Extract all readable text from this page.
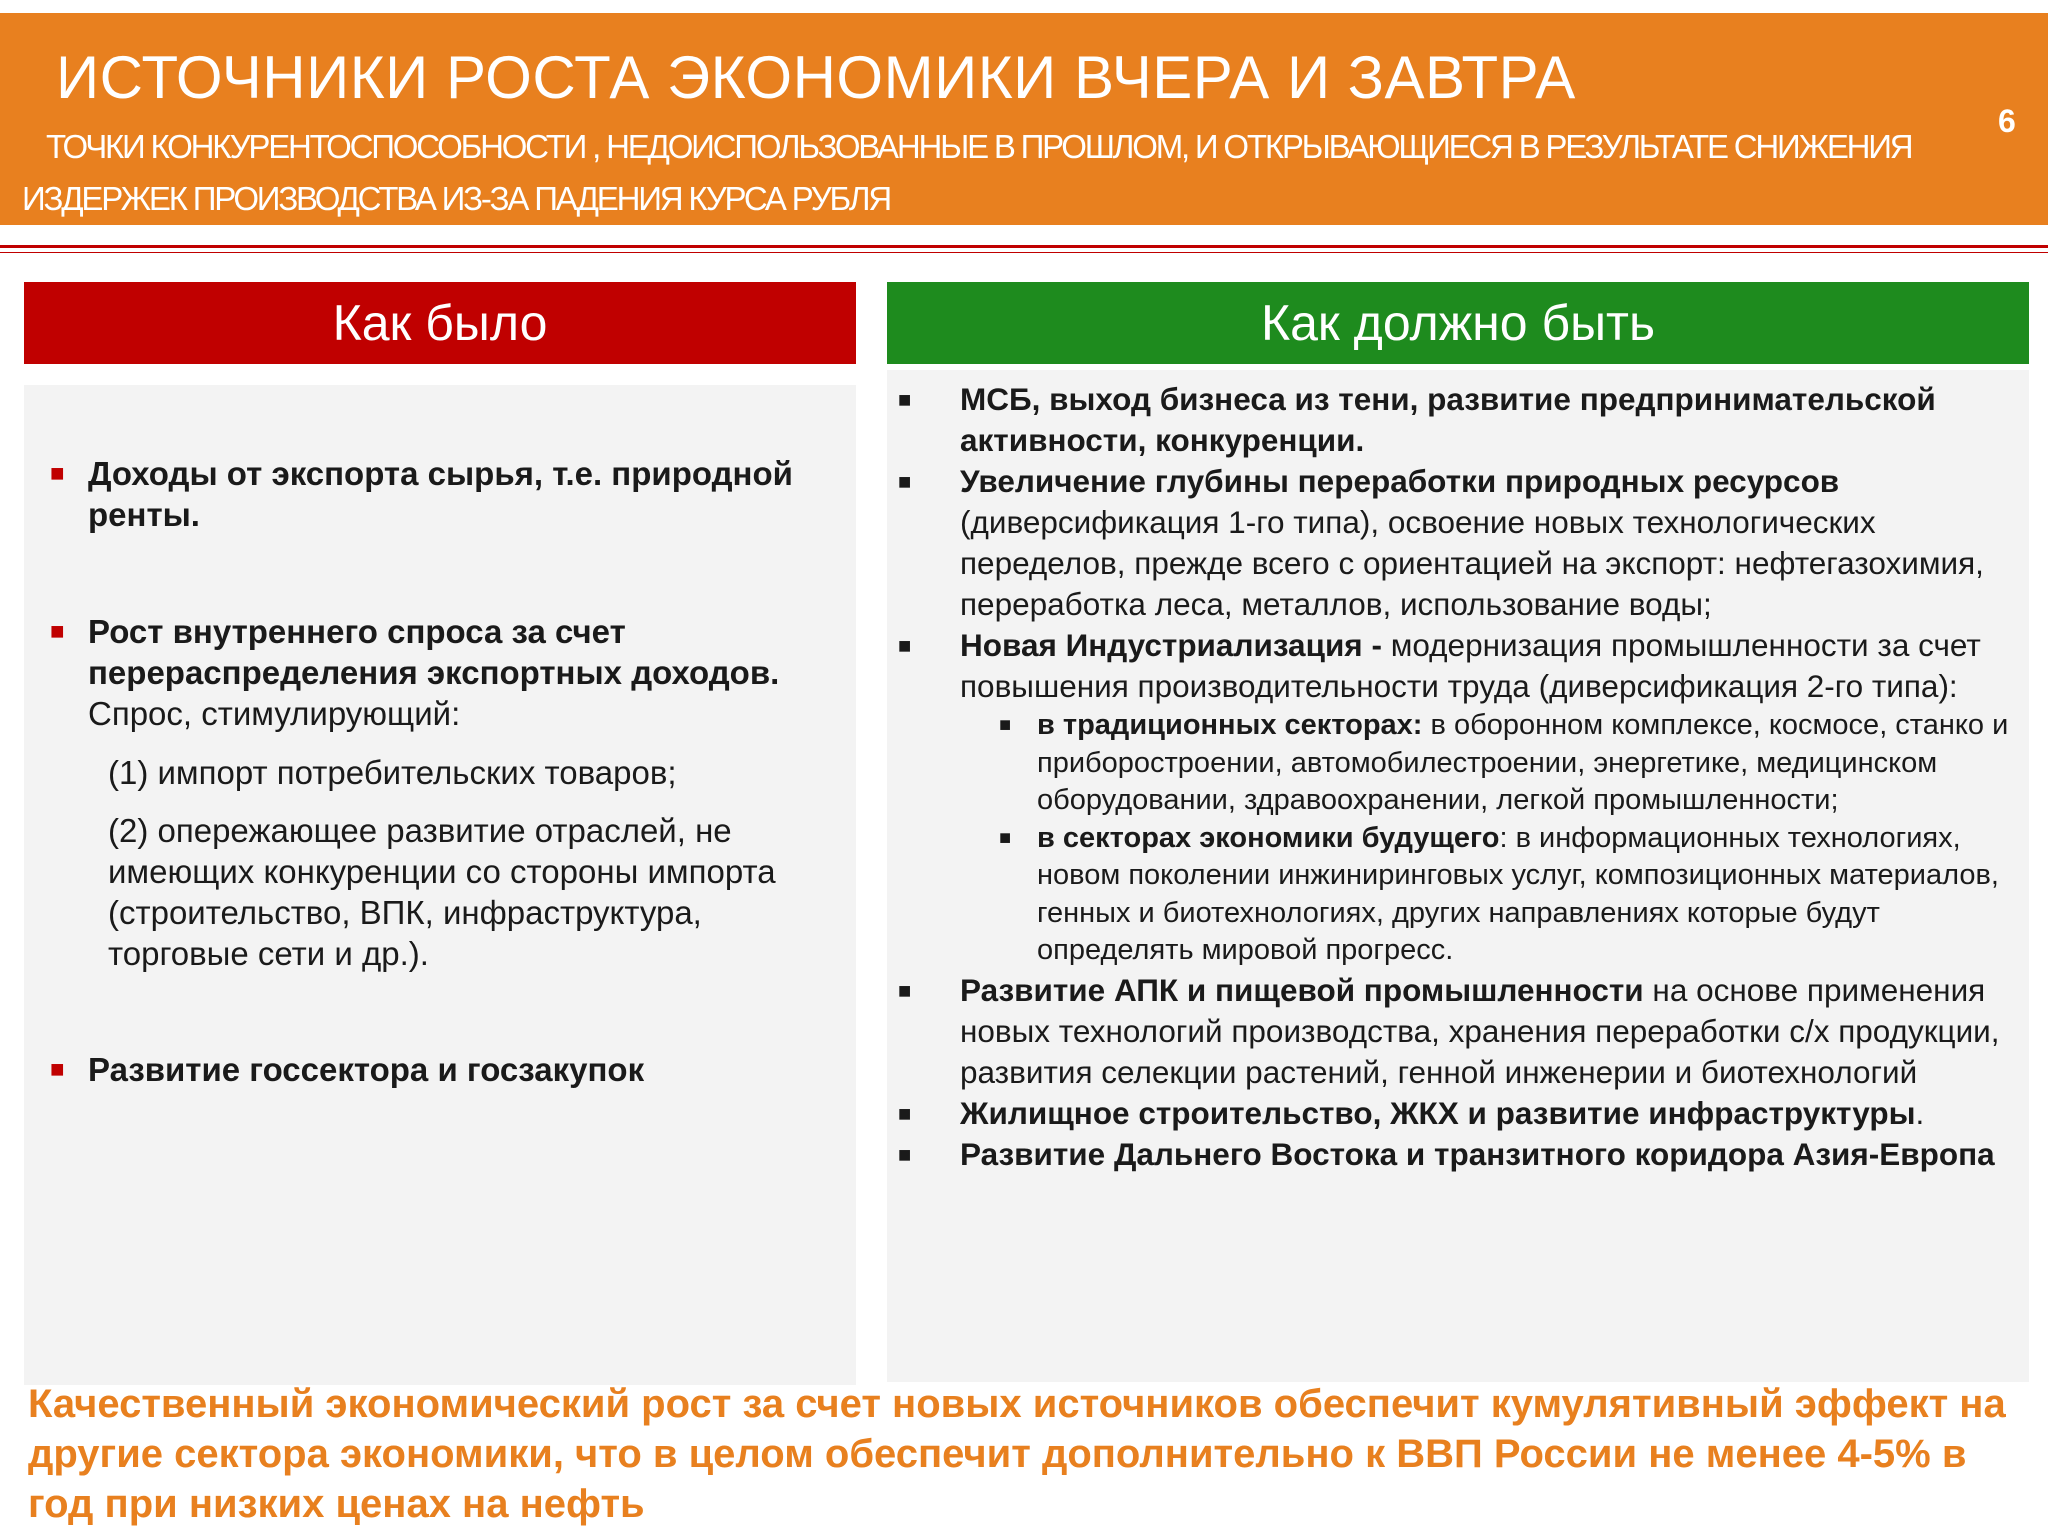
ИСТОЧНИКИ РОСТА ЭКОНОМИКИ ВЧЕРА И ЗАВТРА
ТОЧКИ КОНКУРЕНТОСПОСОБНОСТИ , НЕДОИСПОЛЬЗОВАННЫЕ В ПРОШЛОМ, И ОТКРЫВАЮЩИЕСЯ В РЕЗУЛЬТАТЕ СНИЖЕНИЯ
ИЗДЕРЖЕК ПРОИЗВОДСТВА ИЗ-ЗА ПАДЕНИЯ КУРСА РУБЛЯ
6
Как было	Как должно быть
■ Доходы от экспорта сырья, т.е. природной ренты.
■ Рост внутреннего спроса за счет перераспределения экспортных доходов.
Спрос, стимулирующий:
(1) импорт потребительских товаров;
(2) опережающее развитие отраслей, не имеющих конкуренции со стороны импорта (строительство, ВПК, инфраструктура, торговые сети и др.).
■ Развитие госсектора и госзакупок
■ МСБ, выход бизнеса из тени, развитие предпринимательской активности, конкуренции.
■ Увеличение глубины переработки природных ресурсов (диверсификация 1-го типа), освоение новых технологических переделов, прежде всего с ориентацией на экспорт: нефтегазохимия, переработка леса, металлов, использование воды;
■ Новая Индустриализация - модернизация промышленности за счет повышения производительности труда (диверсификация 2-го типа):
■ в традиционных секторах: в оборонном комплексе, космосе, станко и приборостроении, автомобилестроении, энергетике, медицинском оборудовании, здравоохранении, легкой промышленности;
■ в секторах экономики будущего: в информационных технологиях, новом поколении инжиниринговых услуг, композиционных материалов, генных и биотехнологиях, других направлениях которые будут определять мировой прогресс.
■ Развитие АПК и пищевой промышленности на основе применения новых технологий производства, хранения переработки с/х продукции, развития селекции растений, генной инженерии и биотехнологий
■ Жилищное строительство, ЖКХ и развитие инфраструктуры.
■ Развитие Дальнего Востока и транзитного коридора Азия-Европа
Качественный экономический рост за счет новых источников обеспечит кумулятивный эффект на другие сектора экономики, что в целом обеспечит дополнительно к ВВП России не менее 4-5% в год при низких ценах на нефть
